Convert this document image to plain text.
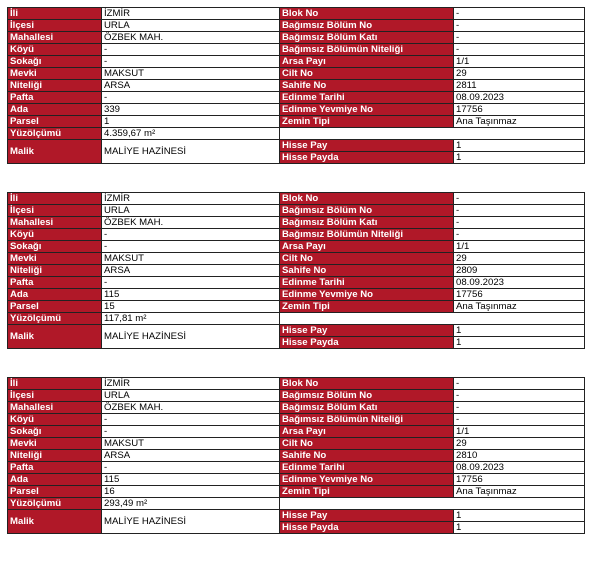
İli	İZMİR	Blok No	-
İlçesi	URLA	Bağımsız Bölüm No	-
Mahallesi	ÖZBEK MAH.	Bağımsız Bölüm Katı	-
Köyü	-	Bağımsız Bölümün Niteliği	-
Sokağı	-	Arsa Payı	1/1
Mevki	MAKSUT	Cilt No	29
Niteliği	ARSA	Sahife No	2811
Pafta	-	Edinme Tarihi	08.09.2023
Ada	339	Edinme Yevmiye No	17756
Parsel	1	Zemin Tipi	Ana Taşınmaz
Yüzölçümü	4.359,67 m²		
Malik	MALİYE HAZİNESİ	Hisse Pay	1
		Hisse Payda	1
İli	İZMİR	Blok No	-
İlçesi	URLA	Bağımsız Bölüm No	-
Mahallesi	ÖZBEK MAH.	Bağımsız Bölüm Katı	-
Köyü	-	Bağımsız Bölümün Niteliği	-
Sokağı	-	Arsa Payı	1/1
Mevki	MAKSUT	Cilt No	29
Niteliği	ARSA	Sahife No	2809
Pafta	-	Edinme Tarihi	08.09.2023
Ada	115	Edinme Yevmiye No	17756
Parsel	15	Zemin Tipi	Ana Taşınmaz
Yüzölçümü	117,81 m²		
Malik	MALİYE HAZİNESİ	Hisse Pay	1
		Hisse Payda	1
İli	İZMİR	Blok No	-
İlçesi	URLA	Bağımsız Bölüm No	-
Mahallesi	ÖZBEK MAH.	Bağımsız Bölüm Katı	-
Köyü	-	Bağımsız Bölümün Niteliği	-
Sokağı	-	Arsa Payı	1/1
Mevki	MAKSUT	Cilt No	29
Niteliği	ARSA	Sahife No	2810
Pafta	-	Edinme Tarihi	08.09.2023
Ada	115	Edinme Yevmiye No	17756
Parsel	16	Zemin Tipi	Ana Taşınmaz
Yüzölçümü	293,49 m²		
Malik	MALİYE HAZİNESİ	Hisse Pay	1
		Hisse Payda	1
